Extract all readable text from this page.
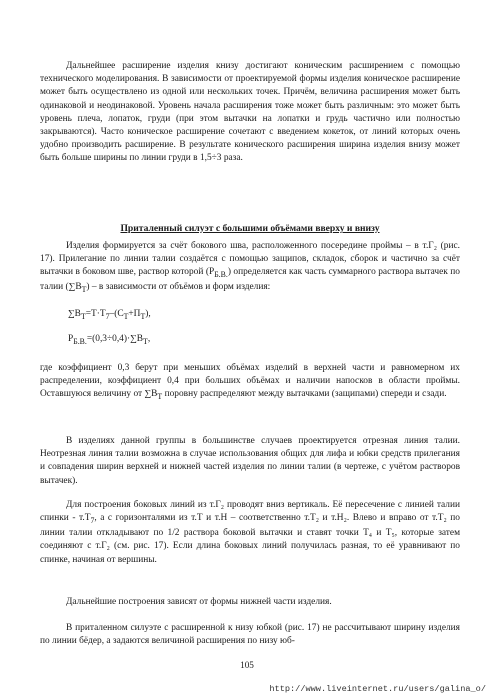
Дальнейшее расширение изделия книзу достигают коническим расширением с помощью технического моделирования. В зависимости от проектируемой формы изделия коническое расширение может быть осуществлено из одной или нескольких точек. Причём, величина расширения может быть одинаковой и неодинаковой. Уровень начала расширения тоже может быть различным: это может быть уровень плеча, лопаток, груди (при этом вытачки на лопатки и грудь частично или полностью закрываются). Часто коническое расширение сочетают с введением кокеток, от линий которых очень удобно производить расширение. В результате конического расширения ширина изделия внизу может быть больше ширины по линии груди в 1,5÷3 раза.

Приталенный силуэт с большими объёмами вверху и внизу

Изделия формируется за счёт бокового шва, расположенного посередине проймы – в т.Г₂ (рис. 17). Прилегание по линии талии создаётся с помощью защипов, складок, сборок и частично за счёт вытачки в боковом шве, раствор которой $(Р_{Б.В.})$ определяется как часть суммарного раствора вытачек по талии $(\sum В_Т)$ – в зависимости от объёмов и форм изделия:

$\sum В_Т=Т\cdot Т_7-(С_Т+П_Т)$,
$Р_{Б.В.}=(0,3\div 0,4)\cdot\sum В_Т$,

где коэффициент 0,3 берут при меньших объёмах изделий в верхней части и равномерном их распределении, коэффициент 0,4 при больших объёмах и наличии напосков в области проймы. Оставшуюся величину от $\sum В_Т$ поровну распределяют между вытачками (защипами) спереди и сзади.

В изделиях данной группы в большинстве случаев проектируется отрезная линия талии. Неотрезная линия талии возможна в случае использования общих для лифа и юбки средств прилегания и совпадения ширин верхней и нижней частей изделия по линии талии (в чертеже, с учётом растворов вытачек).

Для построения боковых линий из т.Г₂ проводят вниз вертикаль. Её пересечение с линией талии спинки - $т.Т_7$, а с горизонталями из т.Т и т.Н – соответственно т.Т₂ и т.Н₂. Влево и вправо от т.Т₂ по линии талии откладывают по 1/2 раствора боковой вытачки и ставят точки Т₄ и Т₅, которые затем соединяют с т.Г₂ (см. рис. 17). Если длина боковых линий получилась разная, то её уравнивают по спинке, начиная от вершины.

Дальнейшие построения зависят от формы нижней части изделия.

В приталенном силуэте с расширенной к низу юбкой (рис. 17) не рассчитывают ширину изделия по линии бёдер, а задаются величиной расширения по низу юб-

105
http://www.liveinternet.ru/users/galina_o/
